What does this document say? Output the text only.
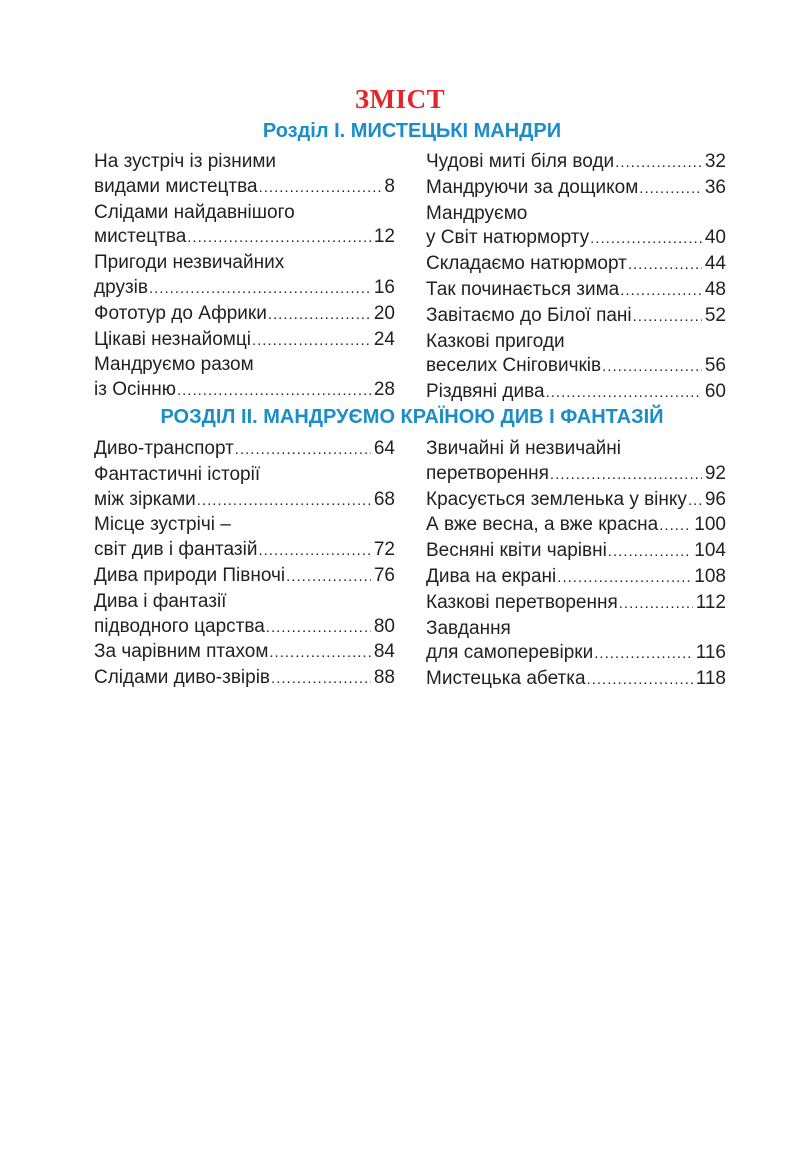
ЗМІСТ
Розділ I. МИСТЕЦЬКІ МАНДРИ
На зустріч із різними
видами мистецтва .....	8
Слідами найдавнішого
мистецтва .....	12
Пригоди незвичайних
друзів .....	16
Фототур до Африки .....	20
Цікаві незнайомці .....	24
Мандруємо разом
із Осінню .....	28
Чудові миті біля води .....	32
Мандруючи за дощиком .....	36
Мандруємо
у Світ натюрморту .....	40
Складаємо натюрморт .....	44
Так починається зима .....	48
Завітаємо до Білої пані .....	52
Казкові пригоди
веселих Сніговичків .....	56
Різдвяні дива .....	60
РОЗДІЛ II. МАНДРУЄМО КРАЇНОЮ ДИВ І ФАНТАЗІЙ
Диво-транспорт .....	64
Фантастичні історії
між зірками .....	68
Місце зустрічі –
світ див і фантазій .....	72
Дива природи Півночі .....	76
Дива і фантазії
підводного царства .....	80
За чарівним птахом .....	84
Слідами диво-звірів .....	88
Звичайні й незвичайні
перетворення .....	92
Красується земленька у вінку ..... 96
А вже весна, а вже красна ..... 100
Весняні квіти чарівні .....	104
Дива на екрані .....	108
Казкові перетворення .....	112
Завдання
для самоперевірки .....	116
Мистецька абетка .....	118
